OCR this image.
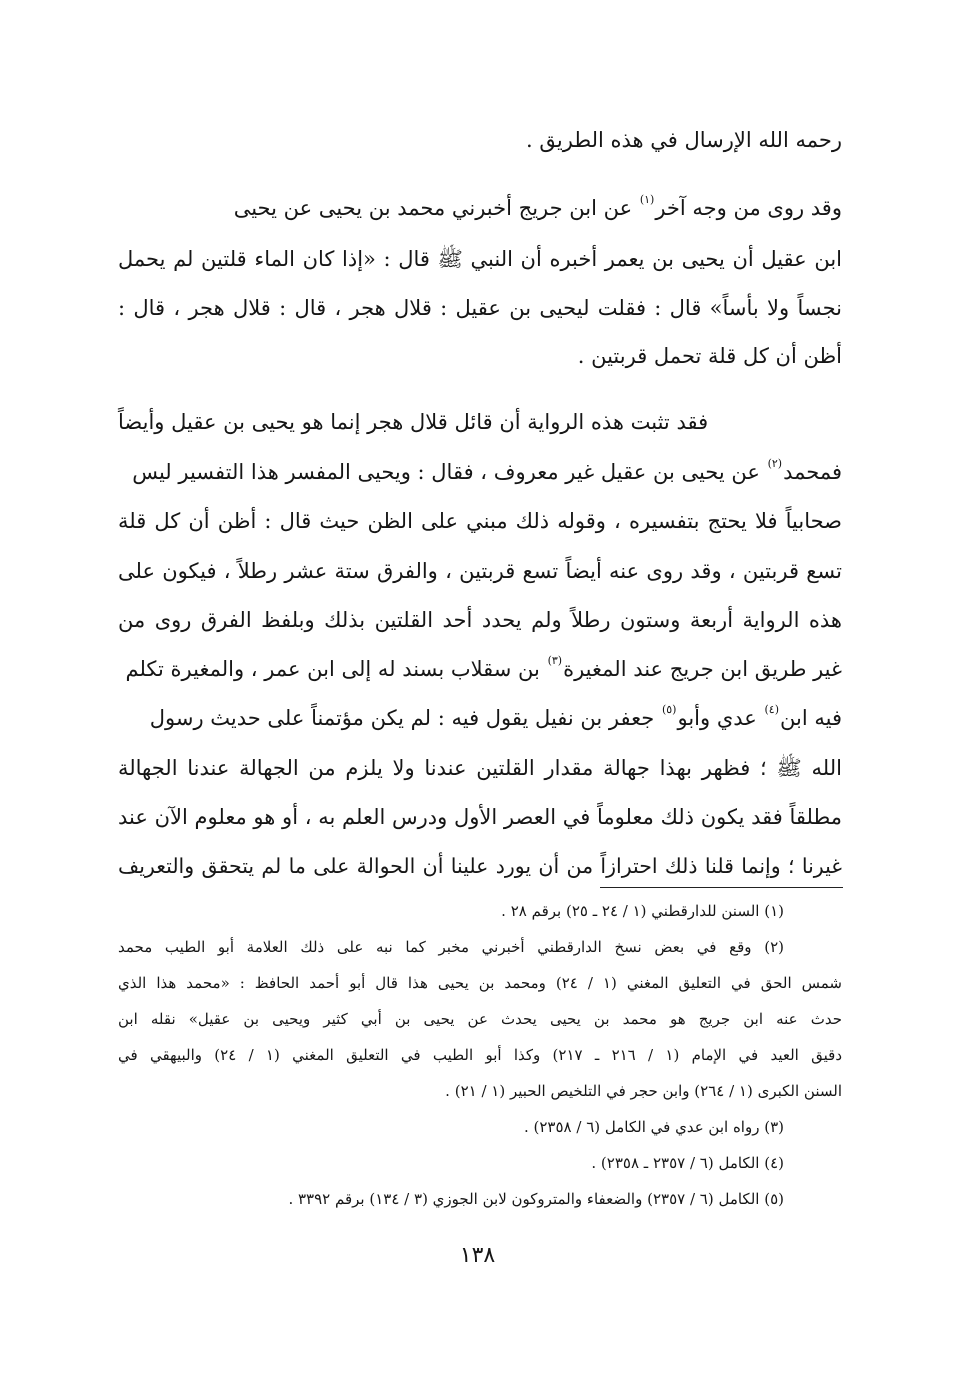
رحمه الله الإرسال في هذه الطريق .
وقد روى من وجه آخر$^{(١)}$ عن ابن جريج أخبرني محمد بن يحيى عن يحيى
ابن عقيل أن يحيى بن يعمر أخبره أن النبي ﷺ قال : «إذا كان الماء قلتين لم يحمل
نجساً ولا بأساً» قال : فقلت ليحيى بن عقيل : قلال هجر ، قال : قلال هجر ، قال :
أظن أن كل قلة تحمل قربتين .
فقد تثبت هذه الرواية أن قائل قلال هجر إنما هو يحيى بن عقيل وأيضاً
فمحمد$^{(٢)}$ عن يحيى بن عقيل غير معروف ، فقال : ويحيى المفسر هذا التفسير ليس
صحابياً فلا يحتج بتفسيره ، وقوله ذلك مبني على الظن حيث قال : أظن أن كل قلة
تسع قربتين ، وقد روى عنه أيضاً تسع قربتين ، والفرق ستة عشر رطلاً ، فيكون على
هذه الرواية أربعة وستون رطلاً ولم يحدد أحد القلتين بذلك وبلفظ الفرق روى من
غير طريق ابن جريج عند المغيرة$^{(٣)}$ بن سقلاب بسند له إلى ابن عمر ، والمغيرة تكلم
فيه ابن$^{(٤)}$ عدي وأبو$^{(٥)}$ جعفر بن نفيل يقول فيه : لم يكن مؤتمناً على حديث رسول
الله ﷺ ؛ فظهر بهذا جهالة مقدار القلتين عندنا ولا يلزم من الجهالة عندنا الجهالة
مطلقاً فقد يكون ذلك معلوماً في العصر الأول ودرس العلم به ، أو هو معلوم الآن عند
غيرنا ؛ وإنما قلنا ذلك احترازاً من أن يورد علينا أن الحوالة على ما لم يتحقق والتعريف
(١) السنن للدارقطني (١ / ٢٤ ـ ٢٥) برقم ٢٨ .
(٢) وقع في بعض نسخ الدارقطني أخبرني مخبر كما نبه على ذلك العلامة أبو الطيب محمد
شمس الحق في التعليق المغني (١ / ٢٤) ومحمد بن يحيى هذا قال أبو أحمد الحافظ : «محمد هذا الذي
حدث عنه ابن جريج هو محمد بن يحيى يحدث عن يحيى بن أبي كثير ويحيى بن عقيل» نقله ابن
دقيق العيد في الإمام (١ / ٢١٦ ـ ٢١٧) وكذا أبو الطيب في التعليق المغني (١ / ٢٤) والبيهقي في
السنن الكبرى (١ / ٢٦٤) وابن حجر في التلخيص الحبير (١ / ٢١) .
(٣) رواه ابن عدي في الكامل (٦ / ٢٣٥٨) .
(٤) الكامل (٦ / ٢٣٥٧ ـ ٢٣٥٨) .
(٥) الكامل (٦ / ٢٣٥٧) والضعفاء والمتروكون لابن الجوزي (٣ / ١٣٤) برقم ٣٣٩٢ .
١٣٨
